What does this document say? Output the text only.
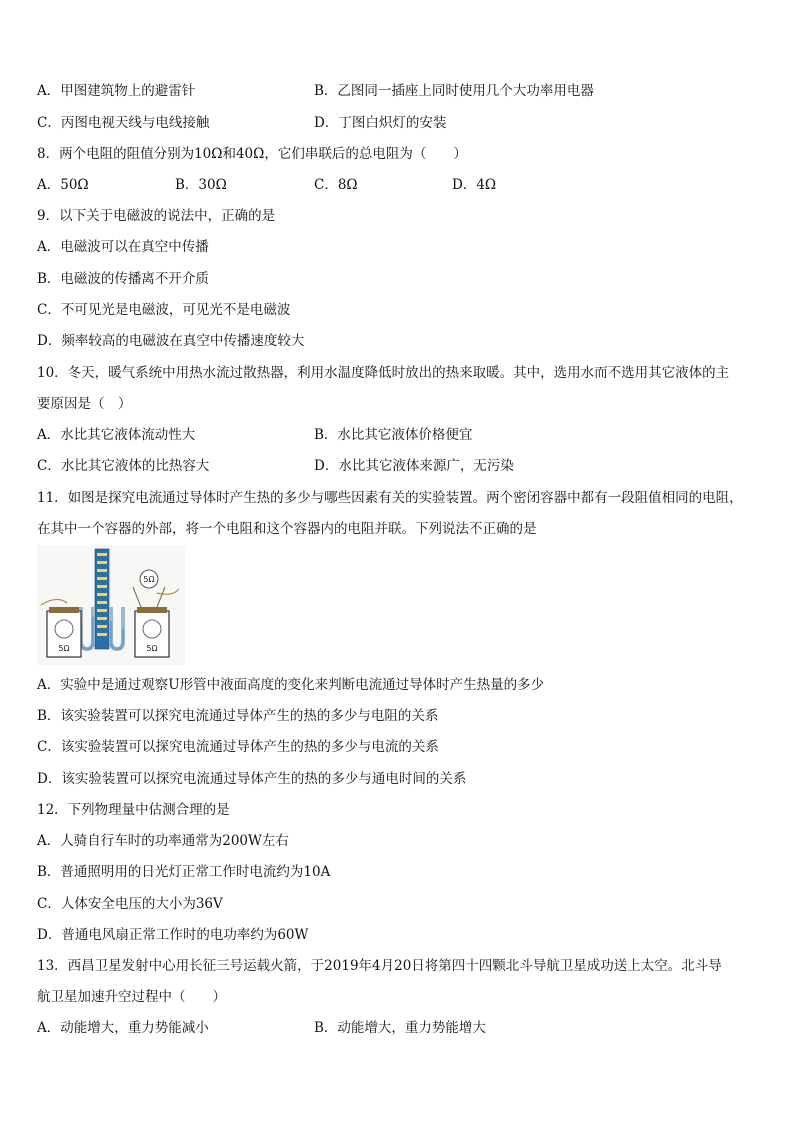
A．甲图建筑物上的避雷针	B．乙图同一插座上同时使用几个大功率用电器
C．丙图电视天线与电线接触	D．丁图白炽灯的安装
8．两个电阻的阻值分别为10Ω和40Ω，它们串联后的总电阻为（　　）
A．50Ω	B．30Ω	C．8Ω	D．4Ω
9．以下关于电磁波的说法中，正确的是
A．电磁波可以在真空中传播
B．电磁波的传播离不开介质
C．不可见光是电磁波，可见光不是电磁波
D．频率较高的电磁波在真空中传播速度较大
10．冬天，暖气系统中用热水流过散热器，利用水温度降低时放出的热来取暖。其中，选用水而不选用其它液体的主
要原因是（　）
A．水比其它液体流动性大	B．水比其它液体价格便宜
C．水比其它液体的比热容大	D．水比其它液体来源广，无污染
11．如图是探究电流通过导体时产生热的多少与哪些因素有关的实验装置。两个密闭容器中都有一段阻值相同的电阻，
在其中一个容器的外部，将一个电阻和这个容器内的电阻并联。下列说法不正确的是
5Ω
5Ω	5Ω
A．实验中是通过观察U形管中液面高度的变化来判断电流通过导体时产生热量的多少
B．该实验装置可以探究电流通过导体产生的热的多少与电阻的关系
C．该实验装置可以探究电流通过导体产生的热的多少与电流的关系
D．该实验装置可以探究电流通过导体产生的热的多少与通电时间的关系
12．下列物理量中估测合理的是
A．人骑自行车时的功率通常为200W左右
B．普通照明用的日光灯正常工作时电流约为10A
C．人体安全电压的大小为36V
D．普通电风扇正常工作时的电功率约为60W
13．西昌卫星发射中心用长征三号运载火箭，于2019年4月20日将第四十四颗北斗导航卫星成功送上太空。北斗导
航卫星加速升空过程中（　　）
A．动能增大，重力势能减小	B．动能增大，重力势能增大
